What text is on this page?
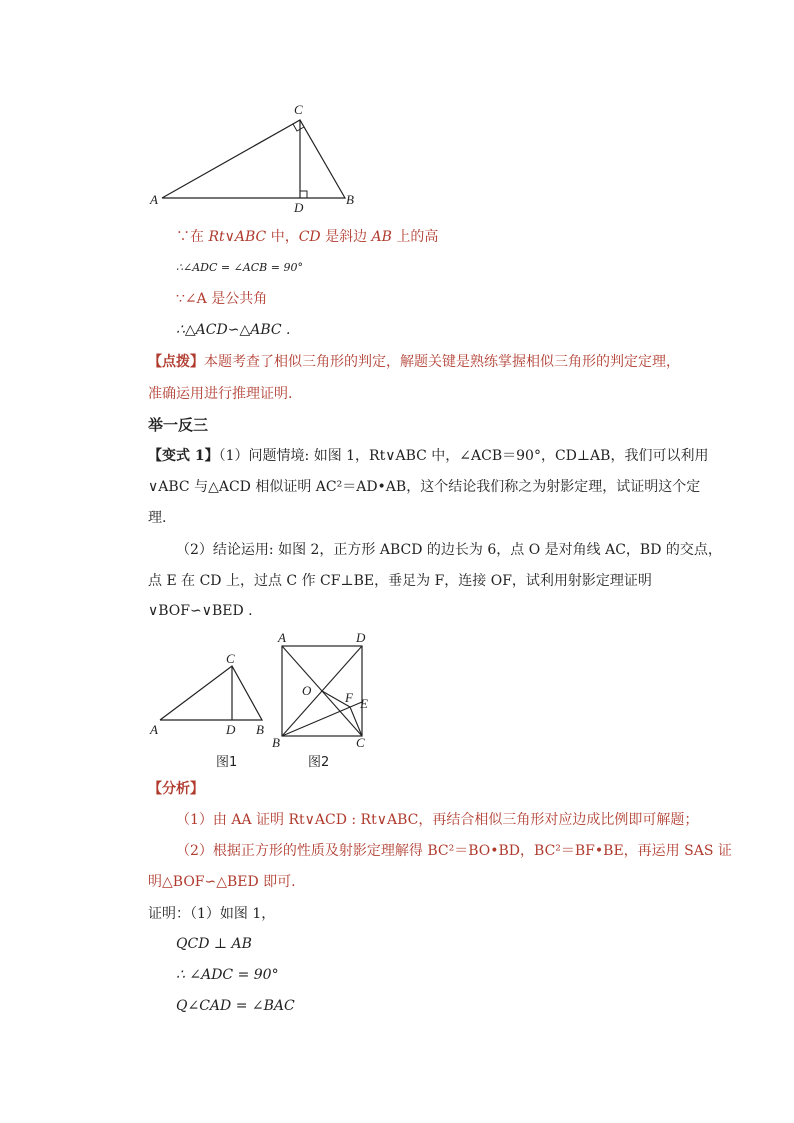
C
A
D
B
∵在 Rt∨ABC 中，CD 是斜边 AB 上的高
∴∠ADC = ∠ACB = 90°
∵∠A 是公共角
∴△ACD∽△ABC .
【点拨】本题考查了相似三角形的判定，解题关键是熟练掌握相似三角形的判定定理，
准确运用进行推理证明.
举一反三
【变式 1】（1）问题情境: 如图 1，Rt∨ABC 中，∠ACB＝90°，CD⊥AB，我们可以利用
∨ABC 与△ACD 相似证明 AC²＝AD•AB，这个结论我们称之为射影定理，试证明这个定
理.
（2）结论运用: 如图 2，正方形 ABCD 的边长为 6，点 O 是对角线 AC，BD 的交点，
点 E 在 CD 上，过点 C 作 CF⊥BE，垂足为 F，连接 OF，试利用射影定理证明
∨BOF∽∨BED .
C
A	D B
A	D
O	F E
B	C
图1	图2
【分析】
（1）由 AA 证明 Rt∨ACD : Rt∨ABC，再结合相似三角形对应边成比例即可解题；
（2）根据正方形的性质及射影定理解得 BC²＝BO•BD，BC²＝BF•BE，再运用 SAS 证
明△BOF∽△BED 即可.
证明：（1）如图 1，
QCD ⊥ AB
∴ ∠ADC = 90°
Q∠CAD = ∠BAC
